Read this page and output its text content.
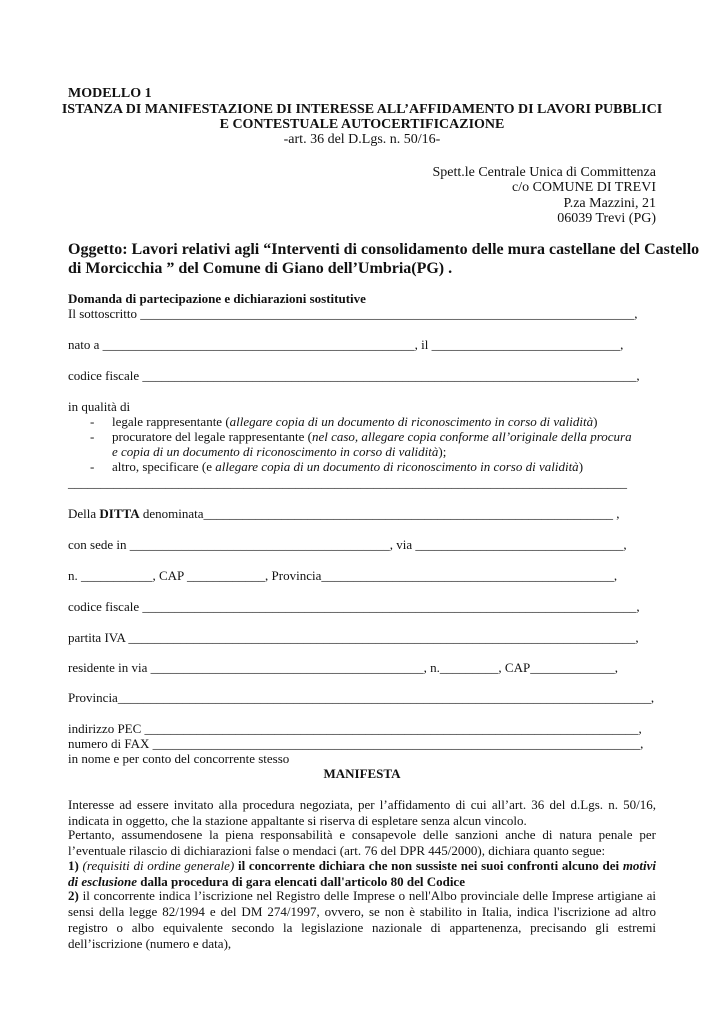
MODELLO 1
ISTANZA DI MANIFESTAZIONE DI INTERESSE ALL’AFFIDAMENTO DI LAVORI PUBBLICI
E CONTESTUALE AUTOCERTIFICAZIONE
-art. 36 del D.Lgs. n. 50/16-
Spett.le Centrale Unica di Committenza
c/o COMUNE DI TREVI
P.za Mazzini, 21
06039 Trevi (PG)
Oggetto: Lavori relativi agli “Interventi di consolidamento delle mura castellane del Castello
di Morcicchia ” del Comune di Giano dell’Umbria(PG) .
Domanda di partecipazione e dichiarazioni sostitutive
Il sottoscritto ____________________________________________________________________________,
nato a ________________________________________________, il _____________________________,
codice fiscale ____________________________________________________________________________,
in qualità di
- legale rappresentante (allegare copia di un documento di riconoscimento in corso di validità)
- procuratore del legale rappresentante (nel caso, allegare copia conforme all’originale della procura
e copia di un documento di riconoscimento in corso di validità);
- altro, specificare (e allegare copia di un documento di riconoscimento in corso di validità)
______________________________________________________________________________________
Della DITTA denominata_______________________________________________________________ ,
con sede in ________________________________________, via ________________________________,
n. ___________, CAP ____________, Provincia_____________________________________________,
codice fiscale ____________________________________________________________________________,
partita IVA ______________________________________________________________________________,
residente in via __________________________________________, n._________, CAP_____________,
Provincia__________________________________________________________________________________,
indirizzo PEC ____________________________________________________________________________,
numero di FAX ___________________________________________________________________________,
in nome e per conto del concorrente stesso
MANIFESTA
Interesse ad essere invitato alla procedura negoziata, per l’affidamento di cui all’art. 36 del d.Lgs. n. 50/16, indicata in oggetto, che la stazione appaltante si riserva di espletare senza alcun vincolo.
Pertanto, assumendosene la piena responsabilità e consapevole delle sanzioni anche di natura penale per l’eventuale rilascio di dichiarazioni false o mendaci (art. 76 del DPR 445/2000), dichiara quanto segue:
1) (requisiti di ordine generale) il concorrente dichiara che non sussiste nei suoi confronti alcuno dei motivi di esclusione dalla procedura di gara elencati dall'articolo 80 del Codice
2) il concorrente indica l’iscrizione nel Registro delle Imprese o nell'Albo provinciale delle Imprese artigiane ai sensi della legge 82/1994 e del DM 274/1997, ovvero, se non è stabilito in Italia, indica l'iscrizione ad altro registro o albo equivalente secondo la legislazione nazionale di appartenenza, precisando gli estremi dell’iscrizione (numero e data),
